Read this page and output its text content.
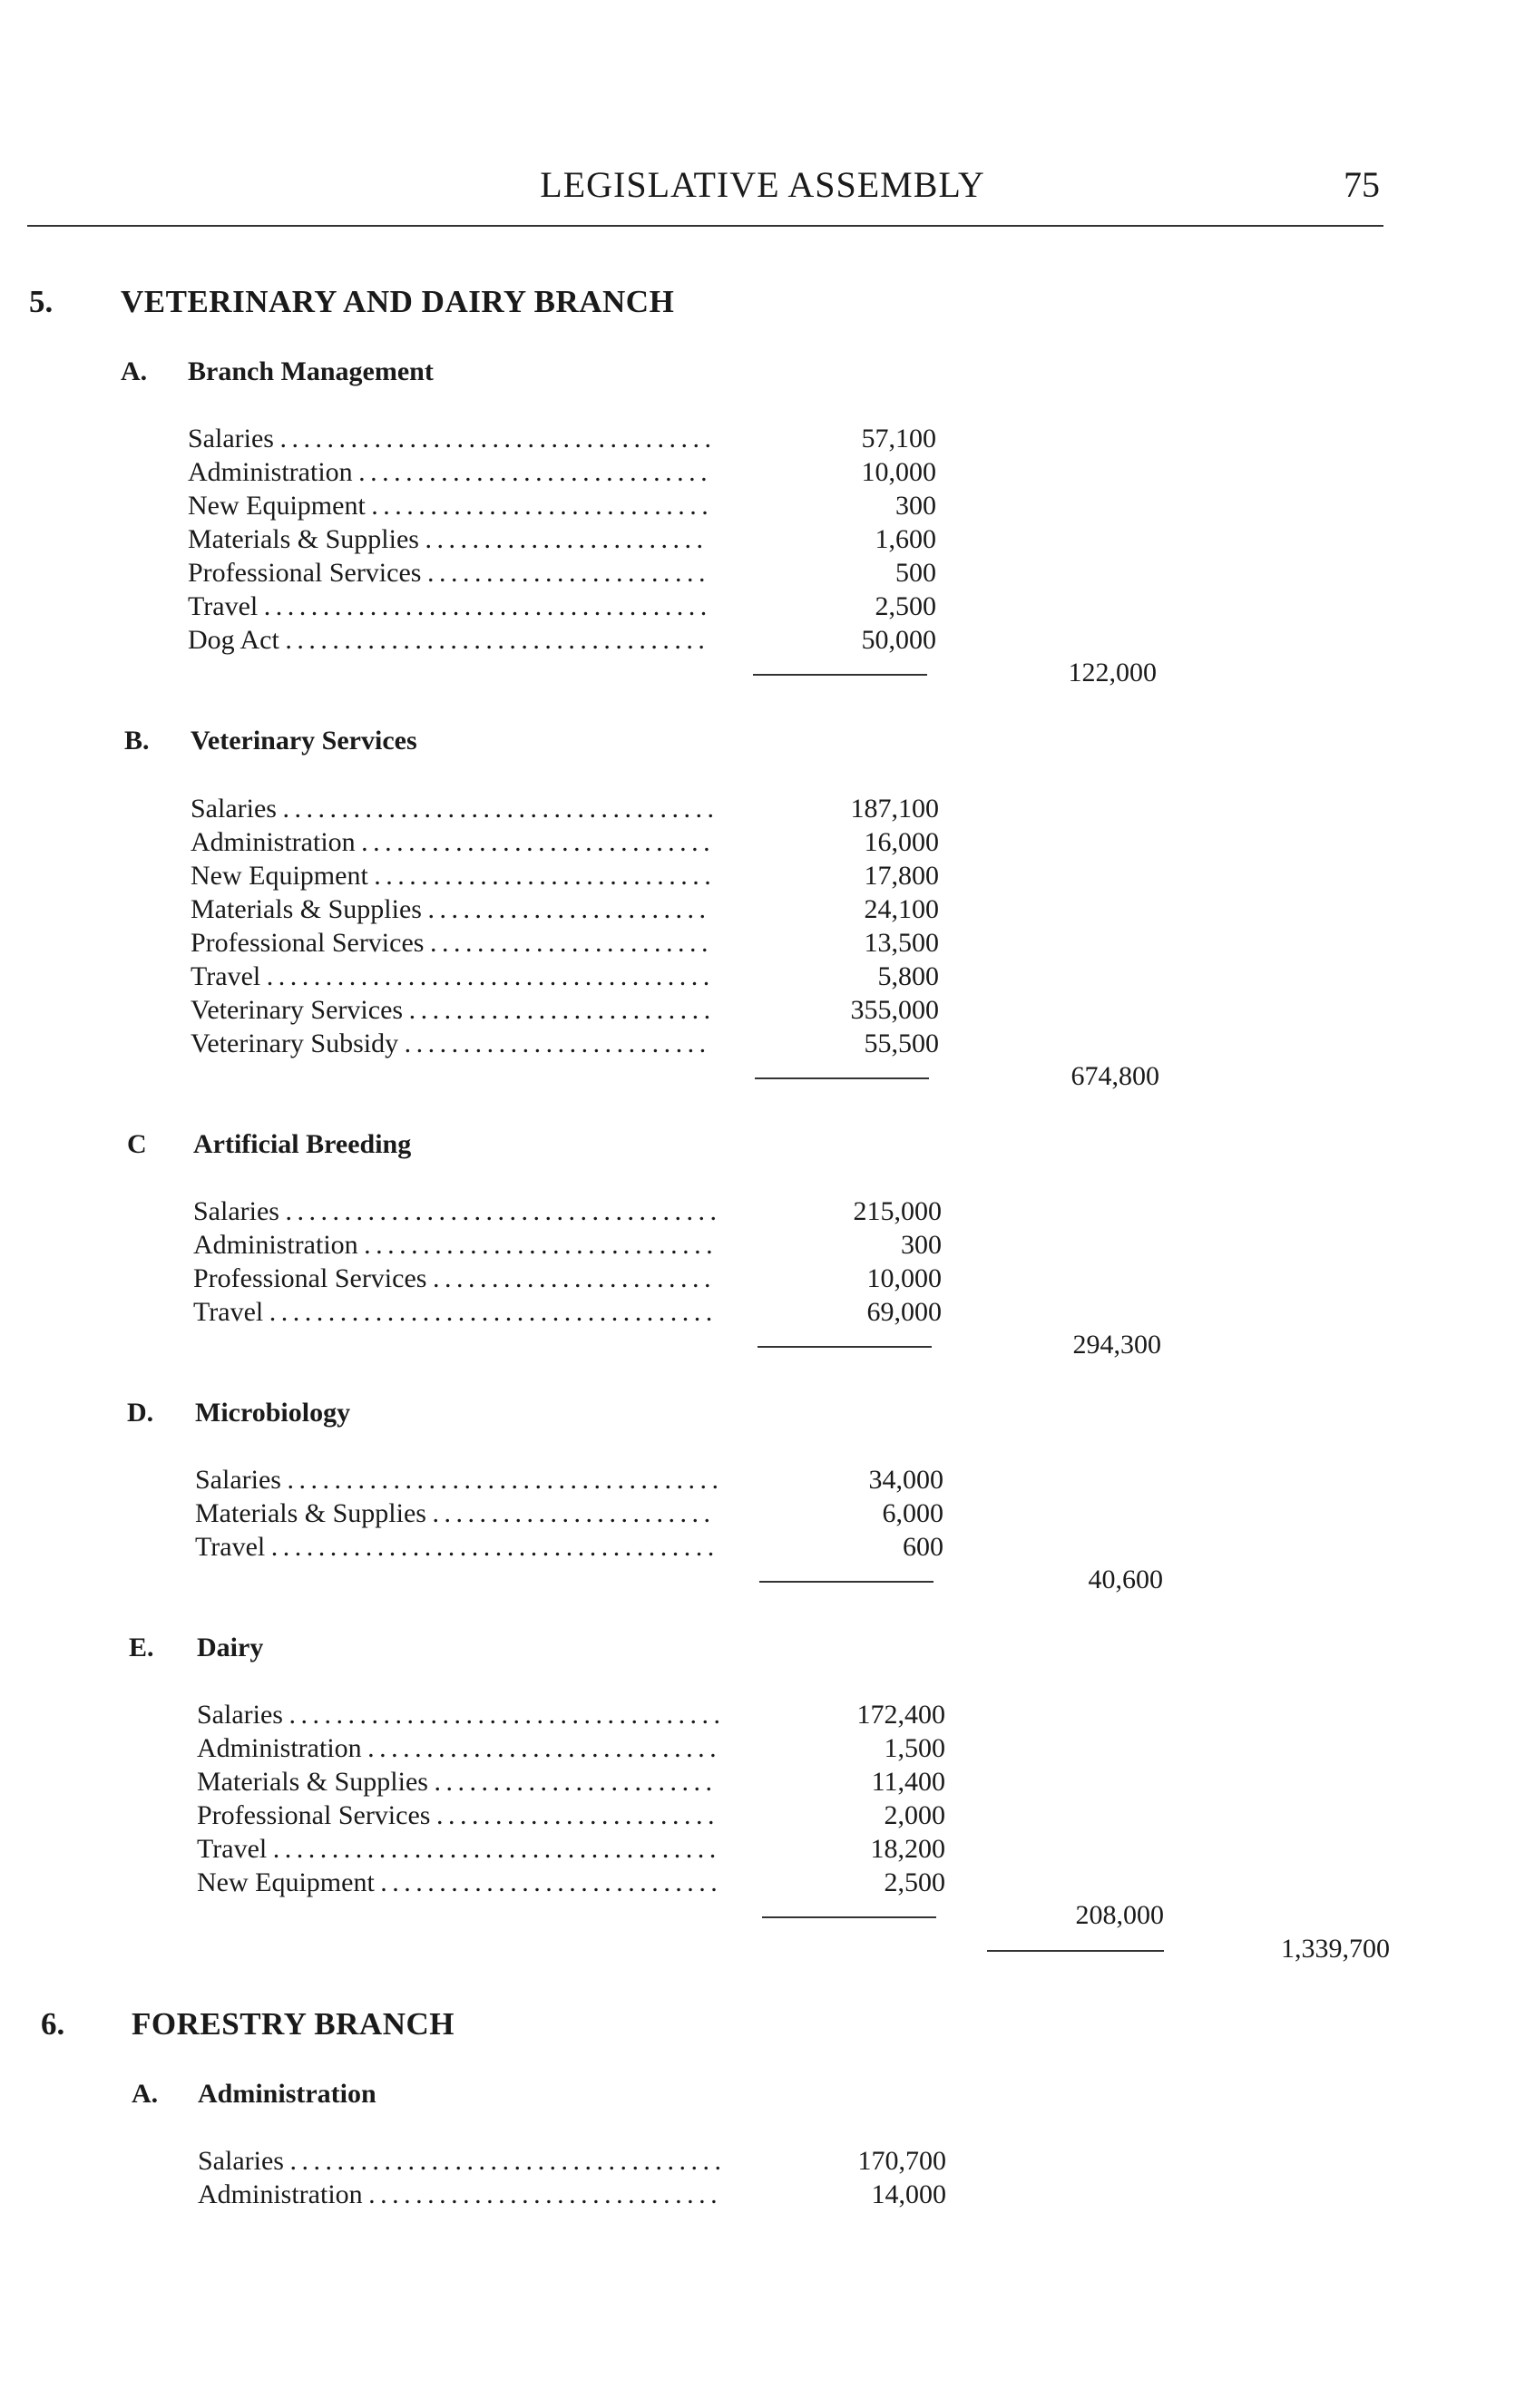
LEGISLATIVE ASSEMBLY	75
5. VETERINARY AND DAIRY BRANCH
A. Branch Management
Salaries . . .	57,100
Administration . . .	10,000
New Equipment . . .	300
Materials & Supplies . . .	1,600
Professional Services . . .	500
Travel . . .	2,500
Dog Act . . .	50,000
122,000
B. Veterinary Services
Salaries . . .	187,100
Administration . . .	16,000
New Equipment . . .	17,800
Materials & Supplies . . .	24,100
Professional Services . . .	13,500
Travel . . .	5,800
Veterinary Services . . .	355,000
Veterinary Subsidy . . .	55,500
674,800
C Artificial Breeding
Salaries . . .	215,000
Administration . . .	300
Professional Services . . .	10,000
Travel . . .	69,000
294,300
D. Microbiology
Salaries . . .	34,000
Materials & Supplies . . .	6,000
Travel . . .	600
40,600
E. Dairy
Salaries . . .	172,400
Administration . . .	1,500
Materials & Supplies . . .	11,400
Professional Services . . .	2,000
Travel . . .	18,200
New Equipment . . .	2,500
208,000
1,339,700
6. FORESTRY BRANCH
A. Administration
Salaries . . .	170,700
Administration . . .	14,000
